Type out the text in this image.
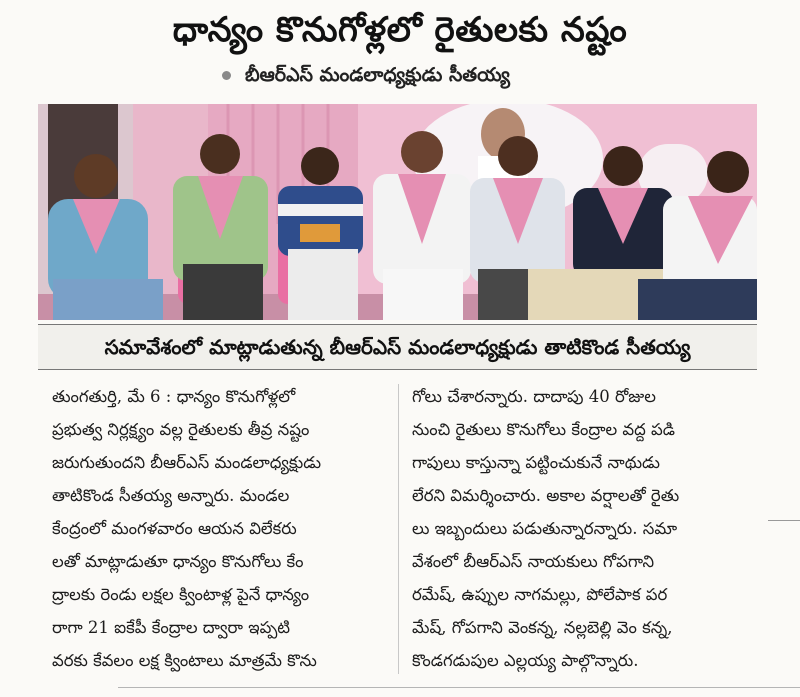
ధాన్యం కొనుగోళ్లలో రైతులకు నష్టం
బీఆర్ఎస్ మండలాధ్యక్షుడు సీతయ్య
సమావేశంలో మాట్లాడుతున్న బీఆర్ఎస్ మండలాధ్యక్షుడు తాటికొండ సీతయ్య

తుంగతుర్తి, మే 6 : ధాన్యం కొనుగోళ్లలో

ప్రభుత్వ నిర్లక్ష్యం వల్ల రైతులకు తీవ్ర నష్టం

జరుగుతుందని బీఆర్ఎస్ మండలాధ్యక్షుడు

తాటికొండ సీతయ్య అన్నారు. మండల

కేంద్రంలో మంగళవారం ఆయన విలేకరు

లతో మాట్లాడుతూ ధాన్యం కొనుగోలు కేం

ద్రాలకు రెండు లక్షల క్వింటాళ్ల పైనే ధాన్యం

రాగా 21 ఐకేపీ కేంద్రాల ద్వారా ఇప్పటి

వరకు కేవలం లక్ష క్వింటాలు మాత్రమే కొను

గోలు చేశారన్నారు. దాదాపు 40 రోజుల

నుంచి రైతులు కొనుగోలు కేంద్రాల వద్ద పడి

గాపులు కాస్తున్నా పట్టించుకునే నాథుడు

లేరని విమర్శించారు. అకాల వర్షాలతో రైతు

లు ఇబ్బందులు పడుతున్నారన్నారు. సమా

వేశంలో బీఆర్ఎస్ నాయకులు గోపగాని

రమేష్, ఉప్పుల నాగమల్లు, పోలేపాక పర

మేష్, గోపగాని వెంకన్న, నల్లబెల్లి వెం కన్న,

కొండగడుపుల ఎల్లయ్య పాల్గొన్నారు.
